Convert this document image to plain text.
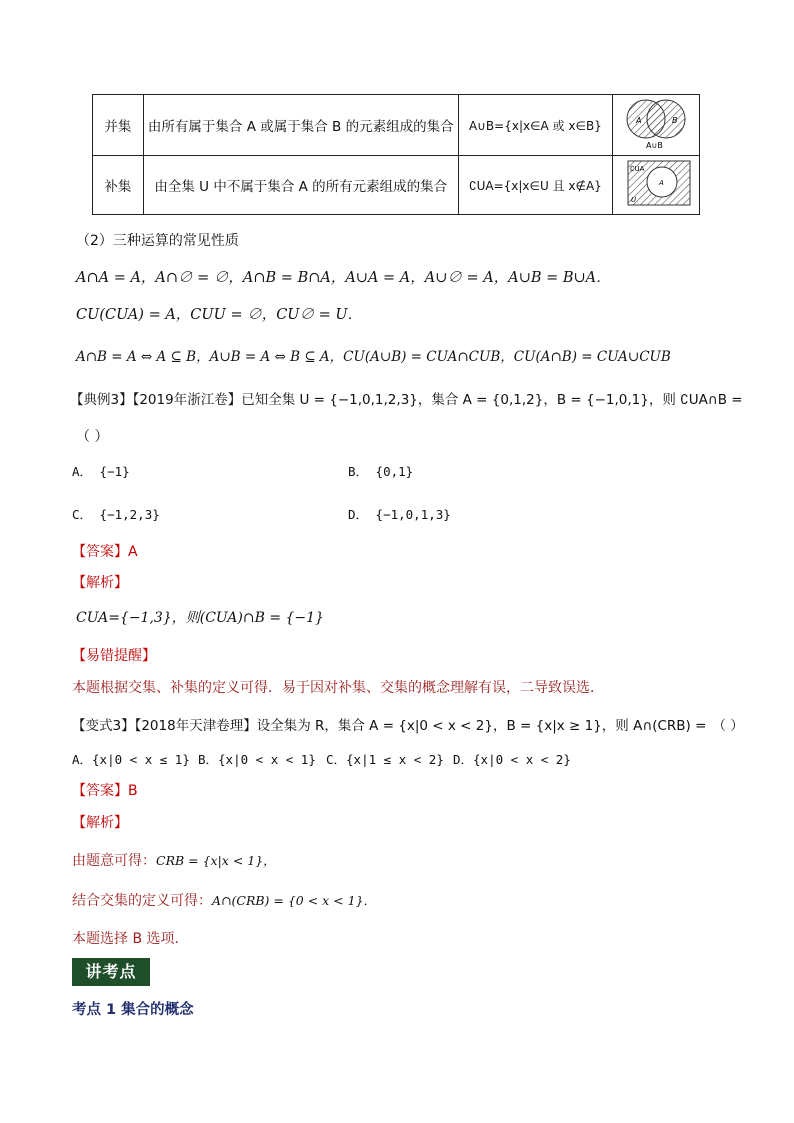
并集	由所有属于集合 A 或属于集合 B 的元素组成的集合	A∪B={x|x∈A 或 x∈B}	A B
A∪B

补集	由全集 U 中不属于集合 A 的所有元素组成的集合	∁UA={x|x∈U 且 x∉A}	∁UA
A
U
（2）三种运算的常见性质
A∩A = A，A∩∅ = ∅，A∩B = B∩A，A∪A = A，A∪∅ = A，A∪B = B∪A．
CU(CUA) = A，CUU = ∅，CU∅ = U．
A∩B = A ⇔ A ⊆ B，A∪B = A ⇔ B ⊆ A，CU(A∪B) = CUA∩CUB，CU(A∩B) = CUA∪CUB
【典例3】【2019年浙江卷】已知全集 U = {−1,0,1,2,3}，集合 A = {0,1,2}，B = {−1,0,1}，则 ∁UA∩B =
（ ）
A． {−1}	B． {0,1}
C． {−1,2,3}	D． {−1,0,1,3}
【答案】A
【解析】
CUA={−1,3}，则(CUA)∩B = {−1}
【易错提醒】
本题根据交集、补集的定义可得．易于因对补集、交集的概念理解有误，二导致误选．
【变式3】【2018年天津卷理】设全集为 R，集合 A = {x|0 < x < 2}，B = {x|x ≥ 1}，则 A∩(CRB) = （ ）
A．{x|0 < x ≤ 1} B．{x|0 < x < 1} C．{x|1 ≤ x < 2} D．{x|0 < x < 2}
【答案】B
【解析】
由题意可得：CRB = {x|x < 1}，
结合交集的定义可得：A∩(CRB) = {0 < x < 1}．
本题选择 B 选项．
讲考点
考点 1 集合的概念
